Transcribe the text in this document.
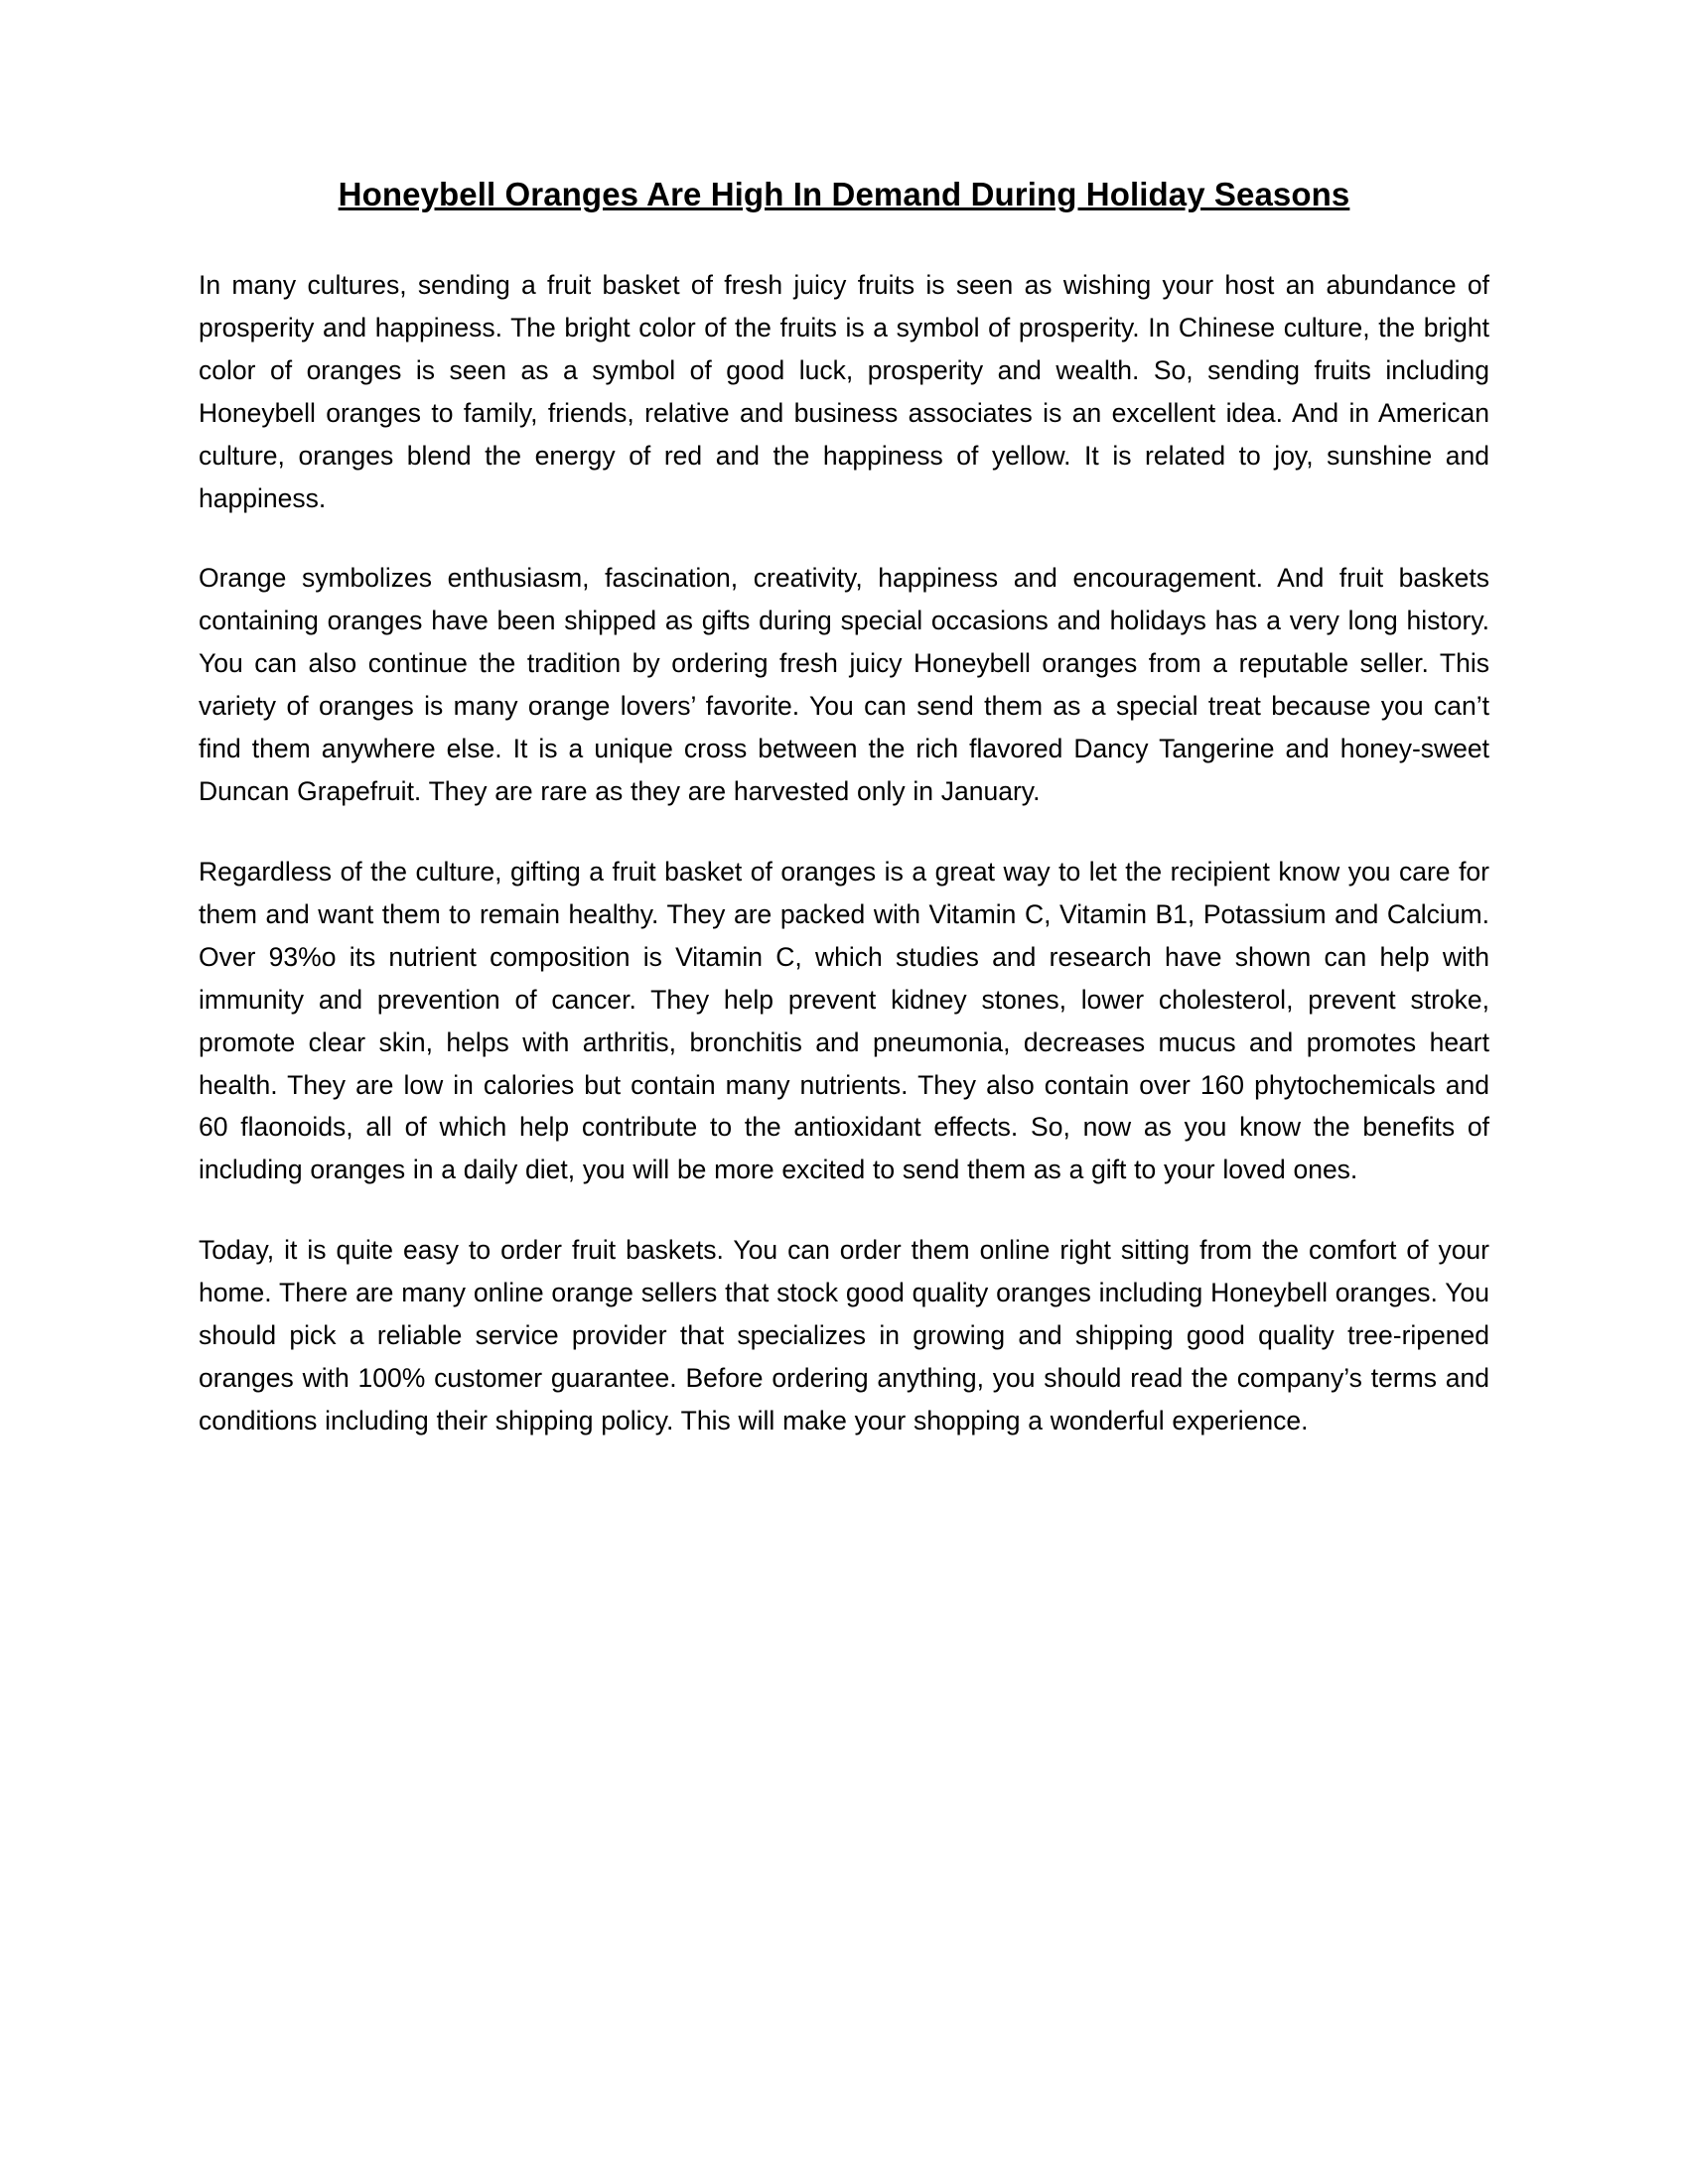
Honeybell Oranges Are High In Demand During Holiday Seasons

In many cultures, sending a fruit basket of fresh juicy fruits is seen as wishing your host an abundance of prosperity and happiness. The bright color of the fruits is a symbol of prosperity. In Chinese culture, the bright color of oranges is seen as a symbol of good luck, prosperity and wealth. So, sending fruits including Honeybell oranges to family, friends, relative and business associates is an excellent idea. And in American culture, oranges blend the energy of red and the happiness of yellow. It is related to joy, sunshine and happiness.

Orange symbolizes enthusiasm, fascination, creativity, happiness and encouragement. And fruit baskets containing oranges have been shipped as gifts during special occasions and holidays has a very long history. You can also continue the tradition by ordering fresh juicy Honeybell oranges from a reputable seller. This variety of oranges is many orange lovers’ favorite. You can send them as a special treat because you can’t find them anywhere else. It is a unique cross between the rich flavored Dancy Tangerine and honey-sweet Duncan Grapefruit. They are rare as they are harvested only in January.

Regardless of the culture, gifting a fruit basket of oranges is a great way to let the recipient know you care for them and want them to remain healthy. They are packed with Vitamin C, Vitamin B1, Potassium and Calcium. Over 93%o its nutrient composition is Vitamin C, which studies and research have shown can help with immunity and prevention of cancer. They help prevent kidney stones, lower cholesterol, prevent stroke, promote clear skin, helps with arthritis, bronchitis and pneumonia, decreases mucus and promotes heart health. They are low in calories but contain many nutrients. They also contain over 160 phytochemicals and 60 flaonoids, all of which help contribute to the antioxidant effects. So, now as you know the benefits of including oranges in a daily diet, you will be more excited to send them as a gift to your loved ones.

Today, it is quite easy to order fruit baskets. You can order them online right sitting from the comfort of your home. There are many online orange sellers that stock good quality oranges including Honeybell oranges. You should pick a reliable service provider that specializes in growing and shipping good quality tree-ripened oranges with 100% customer guarantee. Before ordering anything, you should read the company’s terms and conditions including their shipping policy. This will make your shopping a wonderful experience.
